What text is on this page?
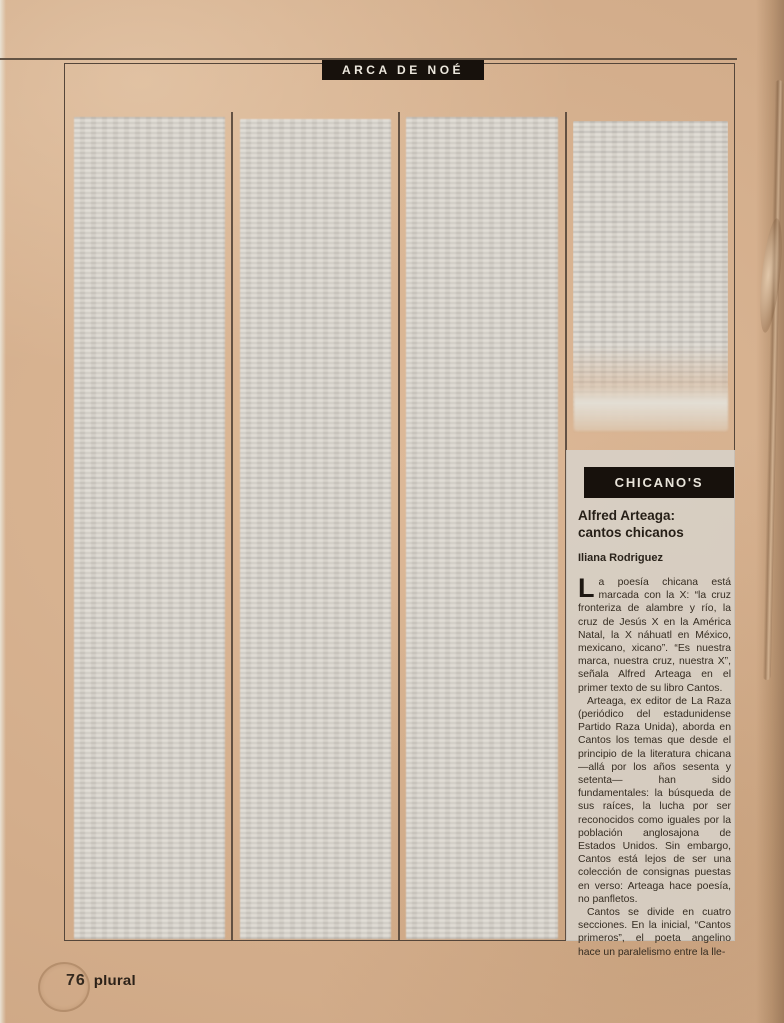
ARCA DE NOÉ
CHICANO'S
Alfred Arteaga:
cantos chicanos
Iliana Rodriguez

La poesía chicana está marcada con la X: “la cruz fronteriza de alambre y río, la cruz de Jesús X en la América Natal, la X náhuatl en México, mexicano, xicano”. “Es nuestra marca, nuestra cruz, nuestra X”, señala Alfred Arteaga en el primer texto de su libro Cantos.

Arteaga, ex editor de La Raza (periódico del estadunidense Partido Raza Unida), aborda en Cantos los temas que desde el principio de la literatura chicana —allá por los años sesenta y setenta— han sido fundamentales: la búsqueda de sus raíces, la lucha por ser reconocidos como iguales por la población anglosajona de Estados Unidos. Sin embargo, Cantos está lejos de ser una colección de consignas puestas en verso: Arteaga hace poesía, no panfletos.

Cantos se divide en cuatro secciones. En la inicial, “Cantos primeros”, el poeta angelino hace un paralelismo entre la lle-

76 plural
